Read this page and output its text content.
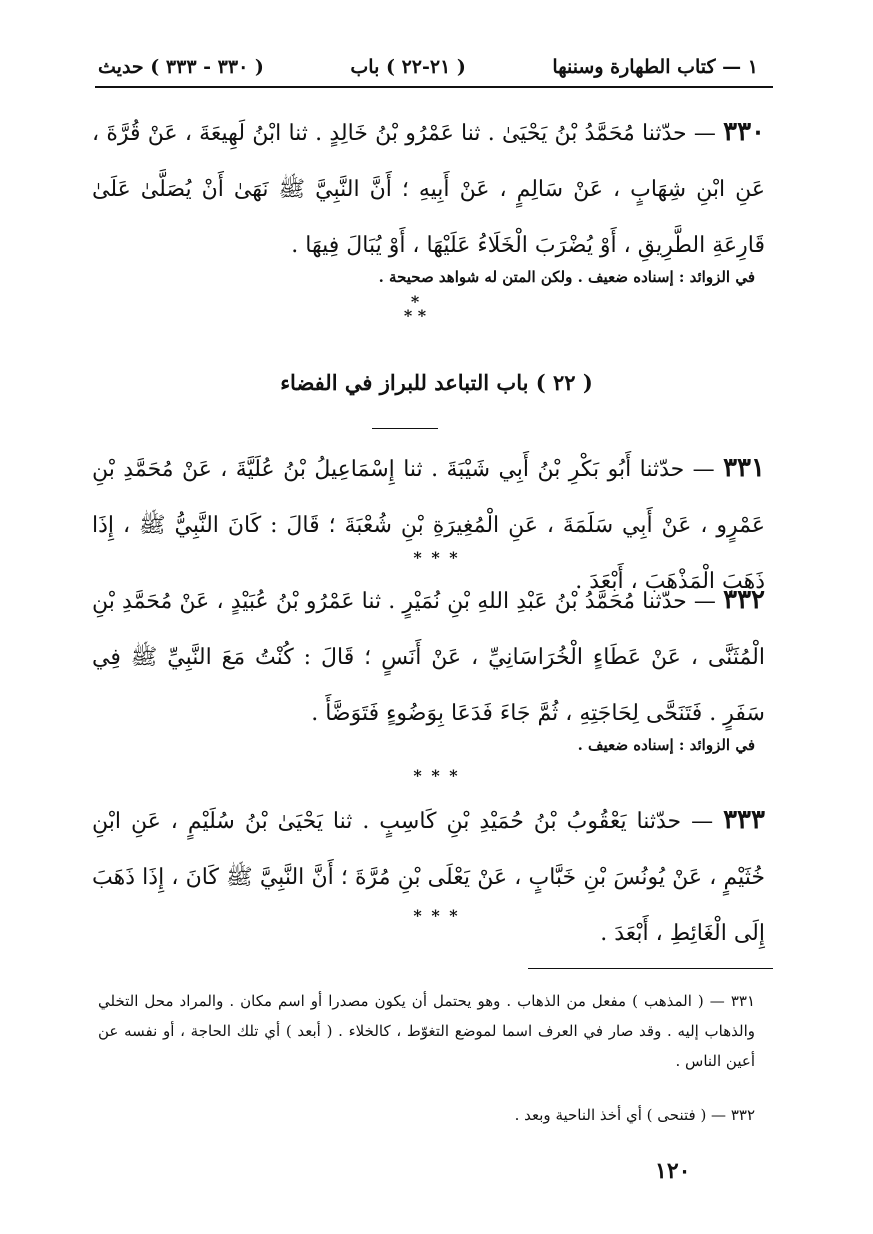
١ — كتاب الطهارة وسننها
( ٢١-٢٢ ) باب
( ٣٣٠ - ٣٣٣ ) حديث
٣٣٠ — حدّثنا مُحَمَّدُ بْنُ يَحْيَىٰ . ثنا عَمْرُو بْنُ خَالِدٍ . ثنا ابْنُ لَهِيعَةَ ، عَنْ قُرَّةَ ، عَنِ ابْنِ شِهَابٍ ، عَنْ سَالِمٍ ، عَنْ أَبِيهِ ؛ أَنَّ النَّبِيَّ ﷺ نَهَىٰ أَنْ يُصَلَّىٰ عَلَىٰ قَارِعَةِ الطَّرِيقِ ، أَوْ يُضْرَبَ الْخَلَاءُ عَلَيْهَا ، أَوْ يُبَالَ فِيهَا .
في الزوائد : إسناده ضعيف . ولكن المتن له شواهد صحيحة .
*
* *
( ٢٢ ) باب التباعد للبراز في الفضاء
٣٣١ — حدّثنا أَبُو بَكْرِ بْنُ أَبِي شَيْبَةَ . ثنا إِسْمَاعِيلُ بْنُ عُلَيَّةَ ، عَنْ مُحَمَّدِ بْنِ عَمْرٍو ، عَنْ أَبِي سَلَمَةَ ، عَنِ الْمُغِيرَةِ بْنِ شُعْبَةَ ؛ قَالَ : كَانَ النَّبِيُّ ﷺ ، إِذَا ذَهَبَ الْمَذْهَبَ ، أَبْعَدَ .
* * *
٣٣٢ — حدّثنا مُحَمَّدُ بْنُ عَبْدِ اللهِ بْنِ نُمَيْرٍ . ثنا عَمْرُو بْنُ عُبَيْدٍ ، عَنْ مُحَمَّدِ بْنِ الْمُثَنَّى ، عَنْ عَطَاءٍ الْخُرَاسَانِيِّ ، عَنْ أَنَسٍ ؛ قَالَ : كُنْتُ مَعَ النَّبِيِّ ﷺ فِي سَفَرٍ . فَتَنَحَّى لِحَاجَتِهِ ، ثُمَّ جَاءَ فَدَعَا بِوَضُوءٍ فَتَوَضَّأَ .
في الزوائد : إسناده ضعيف .
* * *
٣٣٣ — حدّثنا يَعْقُوبُ بْنُ حُمَيْدِ بْنِ كَاسِبٍ . ثنا يَحْيَىٰ بْنُ سُلَيْمٍ ، عَنِ ابْنِ خُثَيْمٍ ، عَنْ يُونُسَ بْنِ خَبَّابٍ ، عَنْ يَعْلَى بْنِ مُرَّةَ ؛ أَنَّ النَّبِيَّ ﷺ كَانَ ، إِذَا ذَهَبَ إِلَى الْغَائِطِ ، أَبْعَدَ .
* * *
٣٣١ — ( المذهب ) مفعل من الذهاب . وهو يحتمل أن يكون مصدرا أو اسم مكان . والمراد محل التخلي والذهاب إليه . وقد صار في العرف اسما لموضع التغوّط ، كالخلاء . ( أبعد ) أي تلك الحاجة ، أو نفسه عن أعين الناس .
٣٣٢ — ( فتنحى ) أي أخذ الناحية وبعد .
١٢٠
